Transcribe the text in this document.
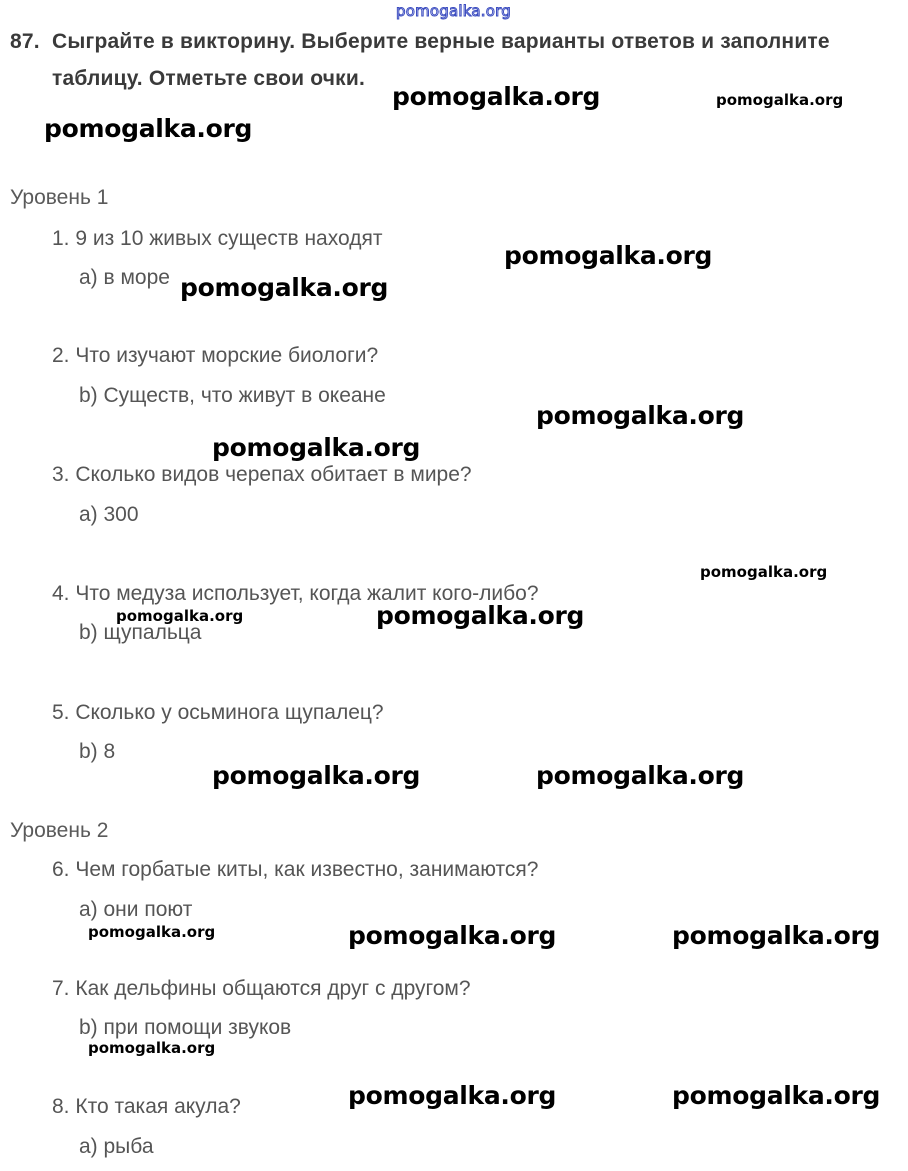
pomogalka.org
87. Сыграйте в викторину. Выберите верные варианты ответов и заполните
таблицу. Отметьте свои очки.
Уровень 1
1. 9 из 10 живых существ находят
a) в море
2. Что изучают морские биологи?
b) Существ, что живут в океане
3. Сколько видов черепах обитает в мире?
a) 300
4. Что медуза использует, когда жалит кого-либо?
b) щупальца
5. Сколько у осьминога щупалец?
b) 8
Уровень 2
6. Чем горбатые киты, как известно, занимаются?
a) они поют
7. Как дельфины общаются друг с другом?
b) при помощи звуков
8. Кто такая акула?
a) рыба
pomogalka.org	pomogalka.org
pomogalka.org
pomogalka.org
pomogalka.org
pomogalka.org
pomogalka.org
pomogalka.org
pomogalka.org	pomogalka.org
pomogalka.org	pomogalka.org
pomogalka.org	pomogalka.org	pomogalka.org
pomogalka.org
pomogalka.org	pomogalka.org
